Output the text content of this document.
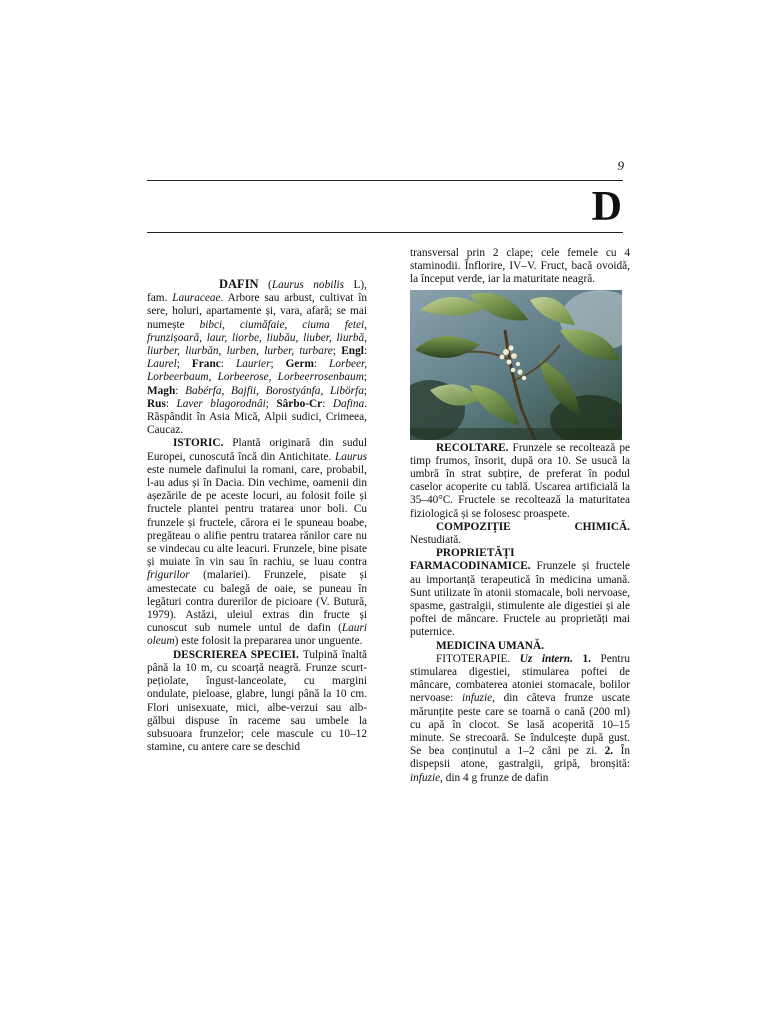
9
D

DAFIN (Laurus nobilis L), fam. Lauraceae. Arbore sau arbust, cultivat în sere, holuri, apartamente și, vara, afară; se mai numește bibci, ciumăfaie, ciuma fetei, frunzișoară, laur, liorbe, liubău, liuber, liurbă, liurber, liurbăn, lurben, lurber, turbare; Engl: Laurel; Franc: Laurier; Germ: Lorbeer, Lorbeerbaum, Lorbeerose, Lorbeerrosenbaum; Magh: Babérfa, Bajfii, Borostyánfa, Libörfa; Rus: Laver blagorodnâi; Sârbo-Cr: Dafina. Răspândit în Asia Mică, Alpii sudici, Crimeea, Caucaz.

ISTORIC. Plantă originară din sudul Europei, cunoscută încă din Antichitate. Laurus este numele dafinului la romani, care, probabil, l-au adus și în Dacia. Din vechime, oamenii din așezările de pe aceste locuri, au folosit foile și fructele plantei pentru tratarea unor boli. Cu frunzele și fructele, cărora ei le spuneau boabe, pregăteau o alifie pentru tratarea rănilor care nu se vindecau cu alte leacuri. Frunzele, bine pisate și muiate în vin sau în rachiu, se luau contra frigurilor (malariei). Frunzele, pisate și amestecate cu balegă de oaie, se puneau în legături contra durerilor de picioare (V. Butură, 1979). Astăzi, uleiul extras din fructe și cunoscut sub numele untul de dafin (Lauri oleum) este folosit la prepararea unor unguente.

DESCRIEREA SPECIEI. Tulpină înaltă până la 10 m, cu scoarță neagră. Frunze scurt-pețiolate, îngust-lanceolate, cu margini ondulate, pieloase, glabre, lungi până la 10 cm. Flori unisexuate, mici, albe-verzui sau alb-gălbui dispuse în raceme sau umbele la subsuoara frunzelor; cele mascule cu 10–12 stamine, cu antere care se deschid

transversal prin 2 clape; cele femele cu 4 staminodii. Înflorire, IV–V. Fruct, bacă ovoidă, la început verde, iar la maturitate neagră.

RECOLTARE. Frunzele se recoltează pe timp frumos, însorit, după ora 10. Se usucă la umbră în strat subțire, de preferat în podul caselor acoperite cu tablă. Uscarea artificială la 35–40°C. Fructele se recoltează la maturitatea fiziologică și se folosesc proaspete.

COMPOZIȚIE CHIMICĂ.

Nestudiată.

PROPRIETĂȚI

FARMACODINAMICE. Frunzele și fructele au importanță terapeutică în medicina umană. Sunt utilizate în atonii stomacale, boli nervoase, spasme, gastralgii, stimulente ale digestiei și ale poftei de mâncare. Fructele au proprietăți mai puternice.

MEDICINA UMANĂ.

FITOTERAPIE. Uz intern. 1. Pentru stimularea digestiei, stimularea poftei de mâncare, combaterea atoniei stomacale, bolilor nervoase: infuzie, din câteva frunze uscate mărunțite peste care se toarnă o cană (200 ml) cu apă în clocot. Se lasă acoperită 10–15 minute. Se strecoară. Se îndulcește după gust. Se bea conținutul a 1–2 căni pe zi. 2. În dispepsii atone, gastralgii, gripă, bronșită: infuzie, din 4 g frunze de dafin
